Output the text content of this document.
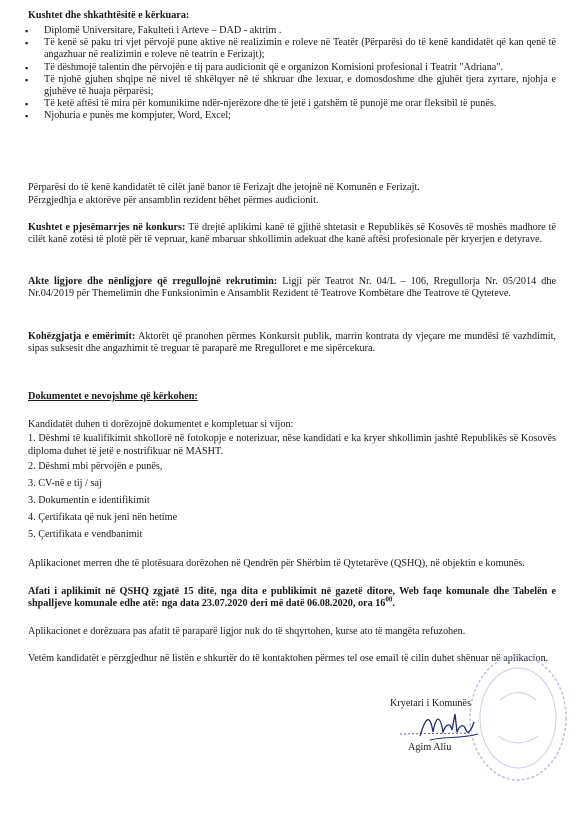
Kushtet dhe shkathtësitë e kërkuara:

▪ Diplomë Universitare, Fakulteti i Arteve – DAD - aktrim .
▪ Të kenë së paku tri vjet përvojë pune aktive në realizimin e roleve në Teatër (Përparësi do të kenë kandidatët që kan qenë të angazhuar në realizimin e roleve në teatrin e Ferizajt);
▪ Të dëshmojë talentin dhe përvojën e tij para audicionit që e organizon Komisioni profesional i Teatrit "Adriana".
▪ Të njohë gjuhen shqipe në nivel të shkëlqyer në të shkruar dhe lexuar, e domosdoshme dhe gjuhët tjera zyrtare, njohja e gjuhëve të huaja përparësi;
▪ Të ketë aftësi të mira për komunikime ndër-njerëzore dhe të jetë i gatshëm të punojë me orar fleksibil të punës.
▪ Njohuria e punës me kompjuter, Word, Excel;

Përparësi do të kenë kandidatët të cilët janë banor të Ferizajt dhe jetojnë në Komunën e Ferizajt.

Përzgjedhja e aktorëve për ansamblin rezident bëhet përmes audicionit.

Kushtet e pjesëmarrjes në konkurs: Të drejtë aplikimi kanë të gjithë shtetasit e Republikës së Kosovës të moshës madhore të cilët kanë zotësi të plotë për të vepruar, kanë mbaruar shkollimin adekuat dhe kanë aftësi profesionale për kryerjen e detyrave.

Akte ligjore dhe nënligjore që rregullojnë rekrutimin: Ligji për Teatrot Nr. 04/L – 106, Rregullorja Nr. 05/2014 dhe Nr.04/2019 për Themelimin dhe Funksionimin e Ansamblit Rezident të Teatrove Kombëtare dhe Teatrove të Qyteteve.

Kohëzgjatja e emërimit: Aktorët që pranohen përmes Konkursit publik, marrin kontrata dy vjeçare me mundësi të vazhdimit, sipas suksesit dhe angazhimit të treguar të paraparë me Rregulloret e me sipërcekura.

Dokumentet e nevojshme që kërkohen:

Kandidatët duhen ti dorëzojnë dokumentet e kompletuar si vijon:

1. Dëshmi të kualifikimit shkollorë në fotokopje e noterizuar, nëse kandidati e ka kryer shkollimin jashtë Republikës së Kosovës diploma duhet të jetë e nostrifikuar në MASHT.
2. Dëshmi mbi përvojën e punës,
3. CV-në e tij / saj
3. Dokumentin e identifikimit
4. Çertifikata që nuk jeni nën hetime
5. Çertifikata e vendbanimit

Aplikacionet merren dhe të plotësuara dorëzohen në Qendrën për Shërbim të Qytetarëve (QSHQ), në objektin e komunës.

Afati i aplikimit në QSHQ zgjatë 15 ditë, nga dita e publikimit në gazetë ditore, Web faqe komunale dhe Tabelën e shpalljeve komunale edhe atë: nga data 23.07.2020 deri më datë 06.08.2020, ora $16^{00}$.

Aplikacionet e dorëzuara pas afatit të paraparë ligjor nuk do të shqyrtohen, kurse ato të mangëta refuzohen.

Vetëm kandidatët e përzgjedhur në listën e shkurtër do të kontaktohen përmes tel ose email të cilin duhet shënuar në aplikacion.

Kryetari i Komunës

Agim Aliu
